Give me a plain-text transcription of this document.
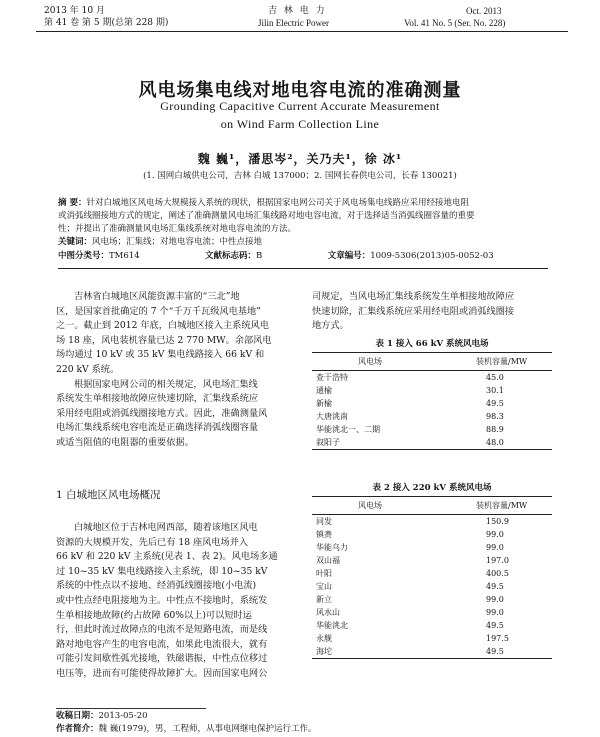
2013 年 10 月
第 41 卷 第 5 期(总第 228 期)
吉 林 电 力
Jilin Electric Power
Oct. 2013
Vol. 41 No. 5 (Ser. No. 228)
风电场集电线对地电容电流的准确测量
Grounding Capacitive Current Accurate Measurement
on Wind Farm Collection Line
魏 巍¹，潘思岑²，关乃夫¹，徐 冰¹
(1. 国网白城供电公司，吉林 白城 137000；2. 国网长春供电公司，长春 130021)
摘 要：针对白城地区风电场大规模接入系统的现状，根据国家电网公司关于风电场集电线路应采用经接地电阻
或消弧线圈接地方式的规定，阐述了准确测量风电场汇集线路对地电容电流，对于选择适当消弧线圈容量的重要
性；并提出了准确测量风电场汇集线系统对地电容电流的方法。
关键词：风电场；汇集线；对地电容电流；中性点接地
中图分类号：TM614	文献标志码：B	文章编号：1009-5306(2013)05-0052-03
吉林省白城地区风能资源丰富的“三北”地
区，是国家首批确定的 7 个“千万千瓦级风电基地”
之一。截止到 2012 年底，白城地区接入主系统风电
场 18 座，风电装机容量已达 2 770 MW。余部风电
场均通过 10 kV 或 35 kV 集电线路接入 66 kV 和
220 kV 系统。
根据国家电网公司的相关规定，风电场汇集线
系统发生单相接地故障应快速切除，汇集线系统应
采用经电阻或消弧线圈接地方式。因此，准确测量风
电场汇集线系统电容电流是正确选择消弧线圈容量
或适当阻值的电阻器的重要依据。
1 白城地区风电场概况
白城地区位于吉林电网西部，随着该地区风电
资源的大规模开发，先后已有 18 座风电场并入
66 kV 和 220 kV 主系统(见表 1、表 2)。风电场多通
过 10~35 kV 集电线路接入主系统，即 10~35 kV
系统的中性点以不接地、经消弧线圈接地(小电流)
或中性点经电阻接地为主。中性点不接地时，系统发
生单相接地故障(约占故障 60%以上)可以短时运
行，但此时流过故障点的电流不是短路电流，而是线
路对地电容产生的电容电流，如果此电流很大，就有
可能引发间歇性弧光接地，铁磁谐振，中性点位移过
电压等，进而有可能使得故障扩大。因而国家电网公
司规定，当风电场汇集线系统发生单相接地故障应
快速切除，汇集线系统应采用经电阻或消弧线圈接
地方式。
表 1 接入 66 kV 系统风电场
风电场	装机容量/MW
查干浩特	45.0
通榆	30.1
新榆	49.5
大唐洮南	98.3
华能洮北一、二期	88.9
叙阳子	48.0
表 2 接入 220 kV 系统风电场
风电场	装机容量/MW
同发	150.9
镇赉	99.0
华能乌力	99.0
双山福	197.0
叶阳	400.5
宝山	49.5
新立	99.0
风水山	99.0
华能洮北	49.5
永舰	197.5
海坨	49.5
收稿日期：2013-05-20
作者简介：魏 巍(1979)，男，工程师，从事电网继电保护运行工作。
